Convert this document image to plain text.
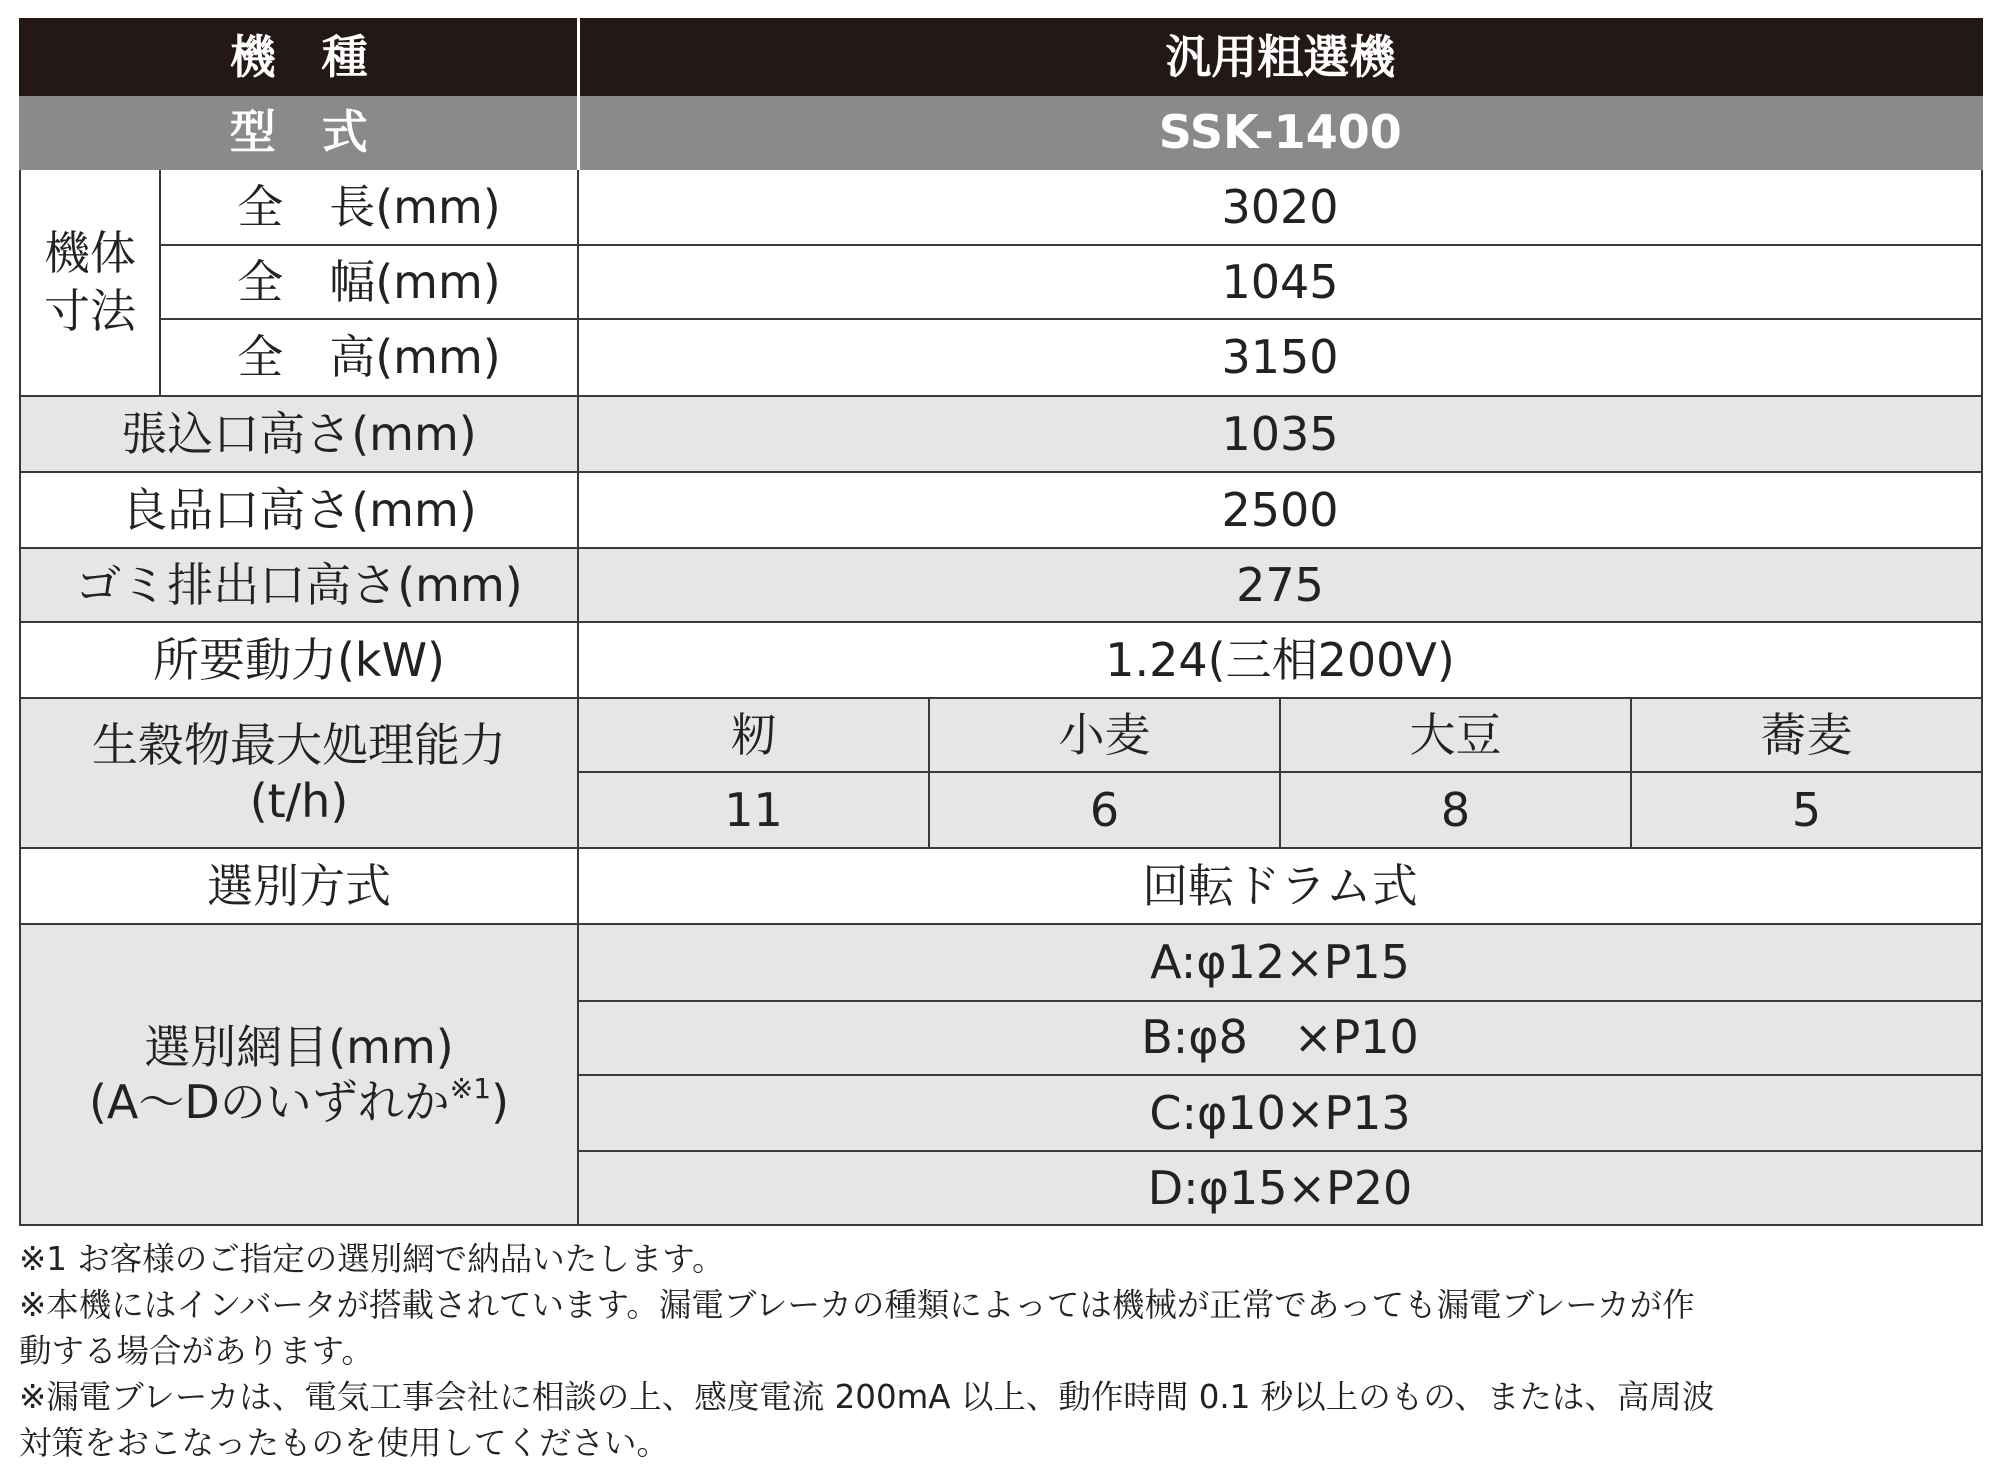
機　種		汎用粗選機			
型　式		SSK-1400			
機体寸法	全　長(mm)	3020			
	全　幅(mm)	1045			
	全　高(mm)	3150			
張込口高さ(mm)		1035			
良品口高さ(mm)		2500			
ゴミ排出口高さ(mm)		275			
所要動力(kW)		1.24(三相200V)			

生穀物最大処理能力
(t/h)		籾	小麦	大豆	蕎麦
		11	6	8	5
選別方式		回転ドラム式			

選別網目(mm)
(A～Dのいずれか$^{※1}$)		A:φ12×P15			
		B:φ8　×P10			
		C:φ10×P13			
		D:φ15×P20			

※1 お客様のご指定の選別網で納品いたします。

※本機にはインバータが搭載されています。漏電ブレーカの種類によっては機械が正常であっても漏電ブレーカが作

動する場合があります。

※漏電ブレーカは、電気工事会社に相談の上、感度電流 200mA 以上、動作時間 0.1 秒以上のもの、または、高周波

対策をおこなったものを使用してください。
